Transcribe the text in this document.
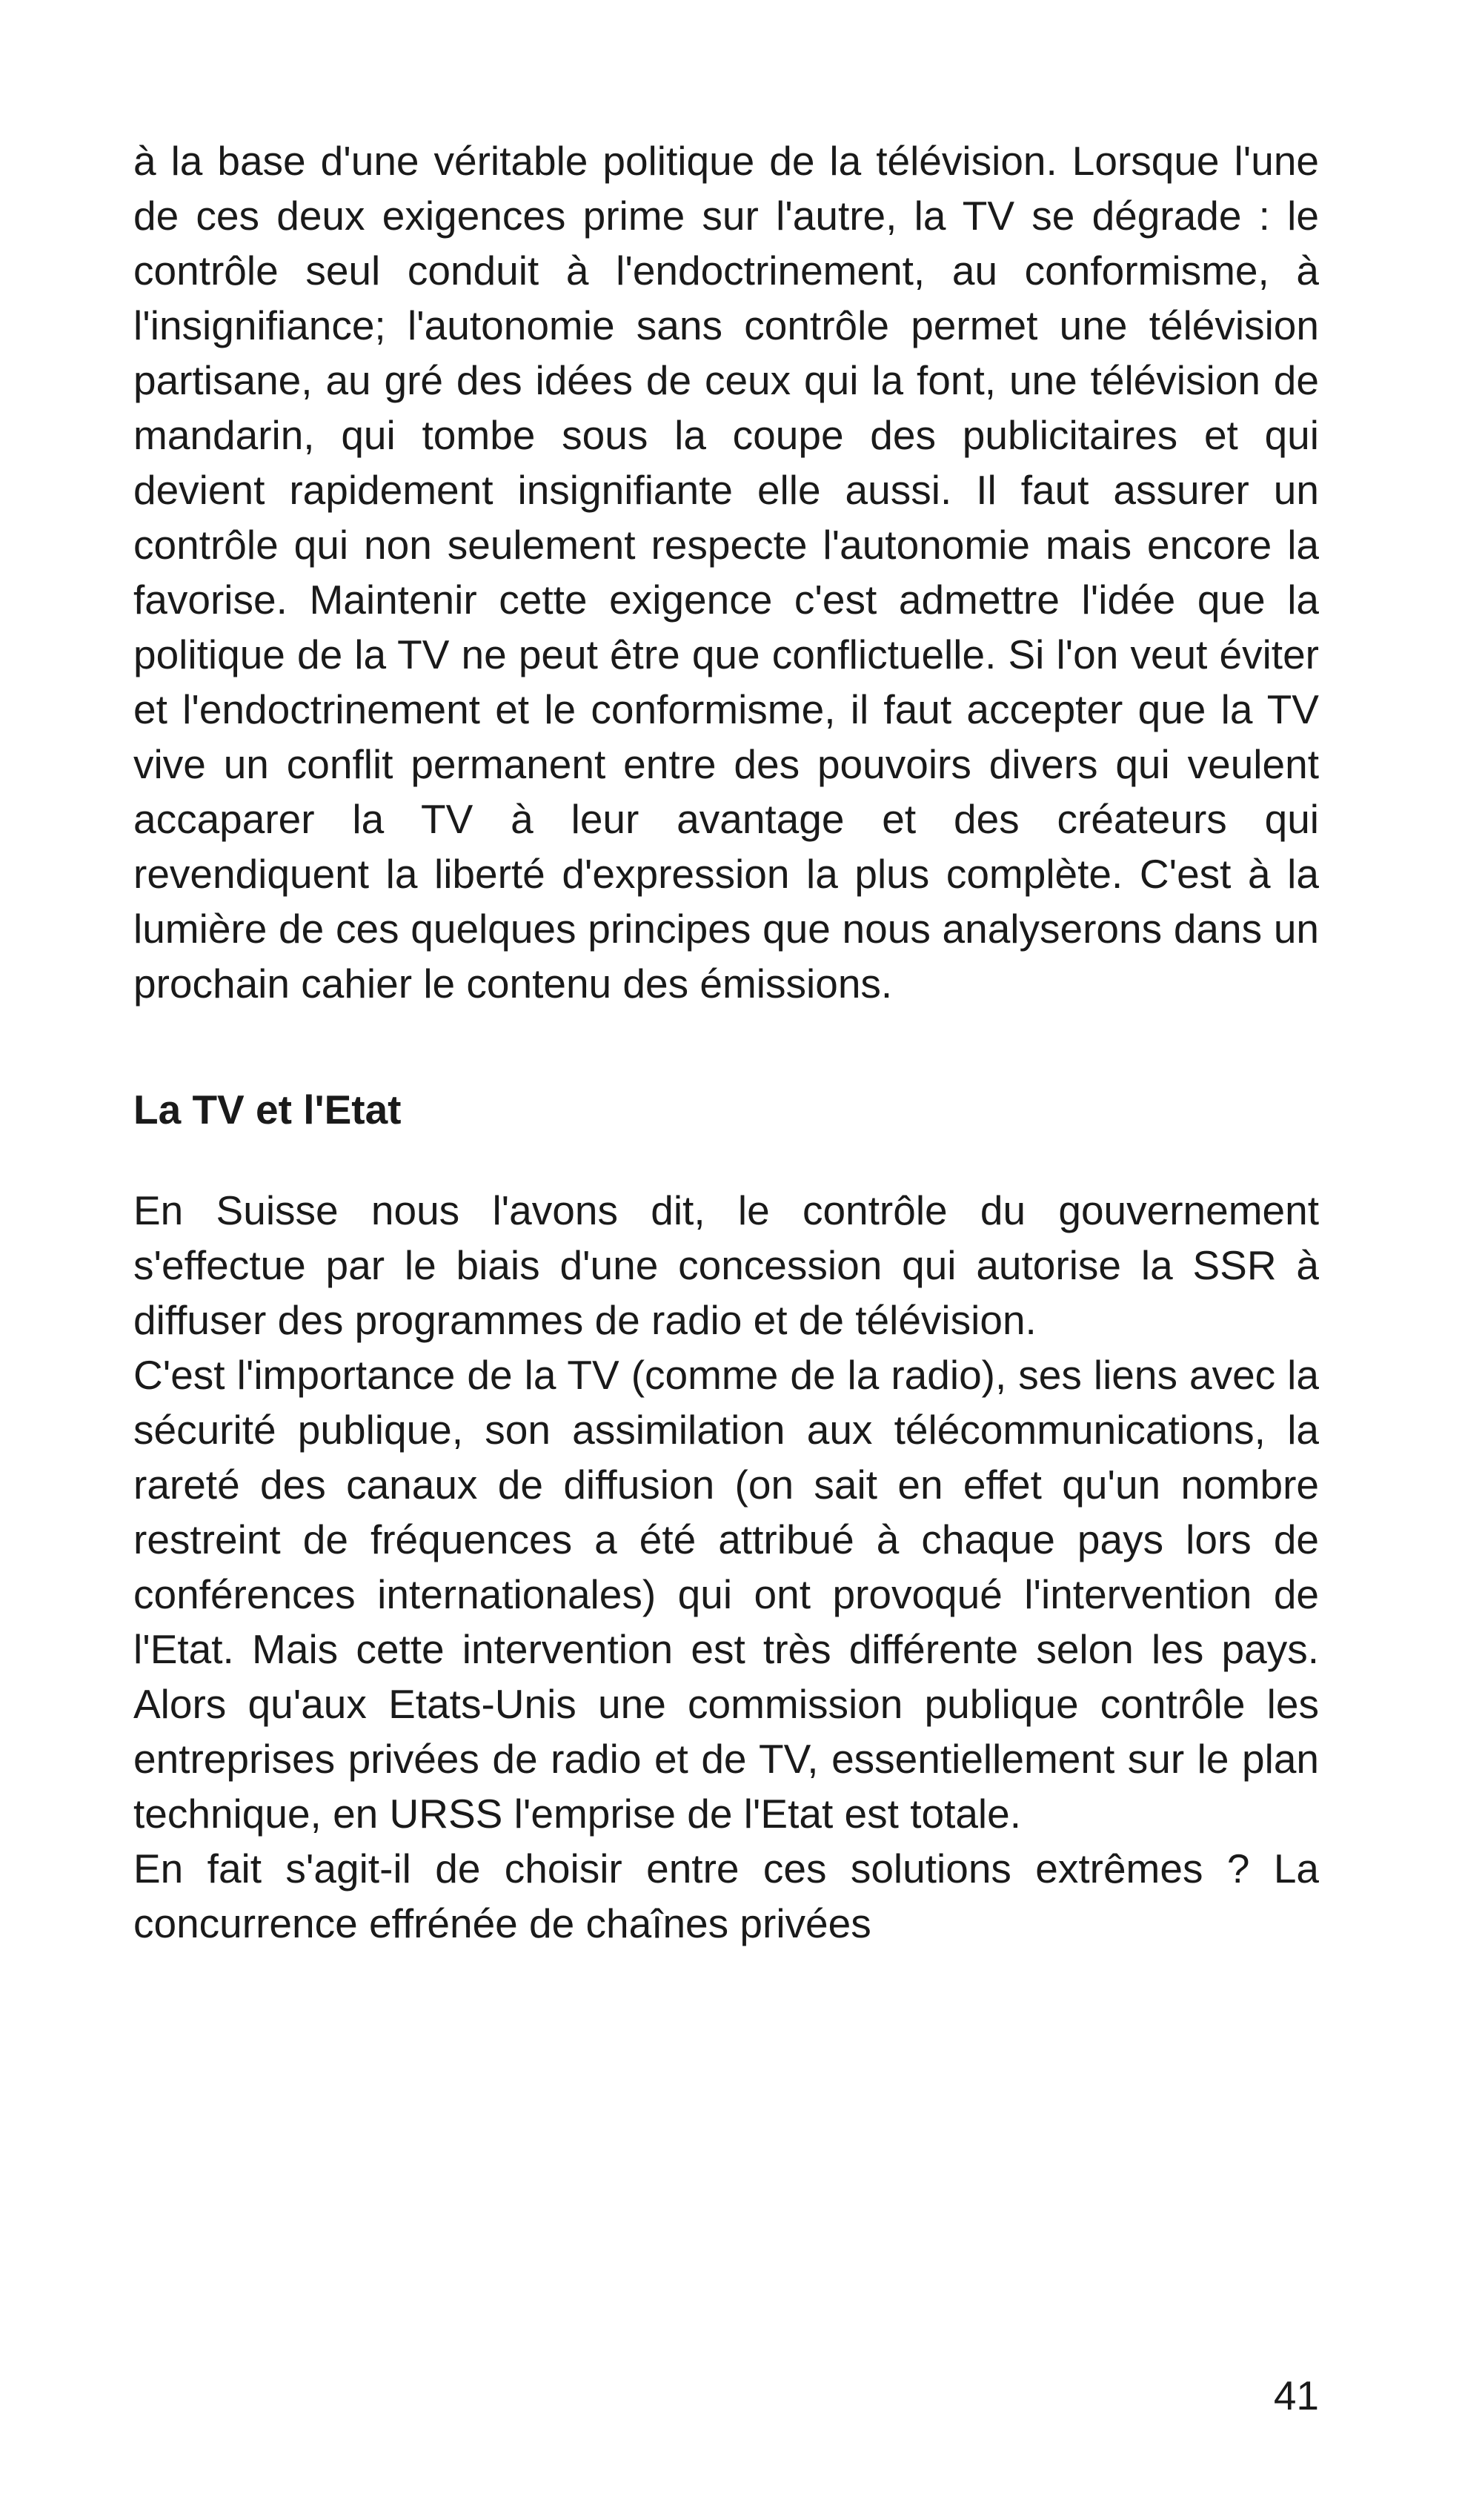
à la base d'une véritable politique de la télévision. Lorsque l'une de ces deux exigences prime sur l'autre, la TV se dégrade : le contrôle seul conduit à l'endoctrinement, au conformisme, à l'insignifiance; l'autonomie sans contrôle permet une télévision partisane, au gré des idées de ceux qui la font, une télévision de mandarin, qui tombe sous la coupe des publicitaires et qui devient rapidement insignifiante elle aussi. Il faut assurer un contrôle qui non seulement respecte l'autonomie mais encore la favorise. Maintenir cette exigence c'est admettre l'idée que la politique de la TV ne peut être que conflictuelle. Si l'on veut éviter et l'endoctrinement et le conformisme, il faut accepter que la TV vive un conflit permanent entre des pouvoirs divers qui veulent accaparer la TV à leur avantage et des créateurs qui revendiquent la liberté d'expression la plus complète. C'est à la lumière de ces quelques principes que nous analyserons dans un prochain cahier le contenu des émissions.

La TV et l'Etat

En Suisse nous l'avons dit, le contrôle du gouvernement s'effectue par le biais d'une concession qui autorise la SSR à diffuser des programmes de radio et de télévision.

C'est l'importance de la TV (comme de la radio), ses liens avec la sécurité publique, son assimilation aux télécommunications, la rareté des canaux de diffusion (on sait en effet qu'un nombre restreint de fréquences a été attribué à chaque pays lors de conférences internationales) qui ont provoqué l'intervention de l'Etat. Mais cette intervention est très différente selon les pays. Alors qu'aux Etats-Unis une commission publique contrôle les entreprises privées de radio et de TV, essentiellement sur le plan technique, en URSS l'emprise de l'Etat est totale.

En fait s'agit-il de choisir entre ces solutions extrêmes ? La concurrence effrénée de chaînes privées

41
